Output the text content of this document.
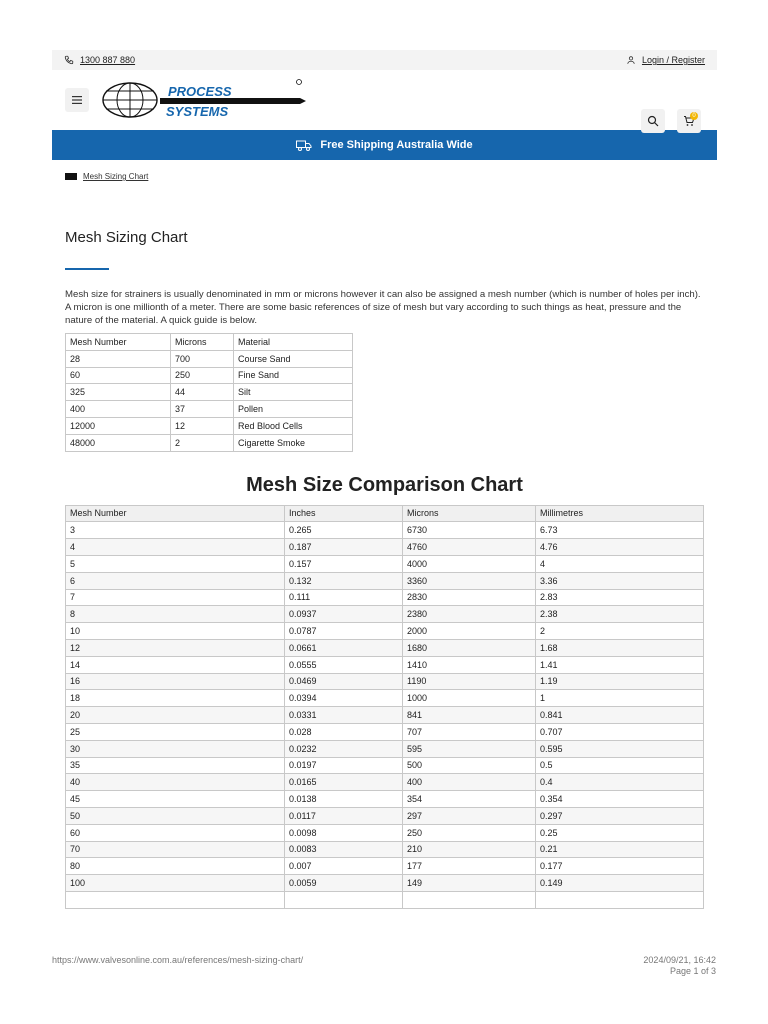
1300 887 880	Login / Register
PROCESS
SYSTEMS	0
Free Shipping Australia Wide
Mesh Sizing Chart
Mesh Sizing Chart

Mesh size for strainers is usually denominated in mm or microns however it can also be assigned a mesh number (which is number of holes per inch). A micron is one millionth of a meter. There are some basic references of size of mesh but vary according to such things as heat, pressure and the nature of the material. A quick guide is below.

Mesh Number	Microns	Material
28	700	Course Sand
60	250	Fine Sand
325	44	Silt
400	37	Pollen
12000	12	Red Blood Cells
48000	2	Cigarette Smoke
Mesh Size Comparison Chart
Mesh Number	Inches	Microns	Millimetres
3	0.265	6730	6.73
4	0.187	4760	4.76
5	0.157	4000	4
6	0.132	3360	3.36
7	0.111	2830	2.83
8	0.0937	2380	2.38
10	0.0787	2000	2
12	0.0661	1680	1.68
14	0.0555	1410	1.41
16	0.0469	1190	1.19
18	0.0394	1000	1
20	0.0331	841	0.841
25	0.028	707	0.707
30	0.0232	595	0.595
35	0.0197	500	0.5
40	0.0165	400	0.4
45	0.0138	354	0.354
50	0.0117	297	0.297
60	0.0098	250	0.25
70	0.0083	210	0.21
80	0.007	177	0.177
100	0.0059	149	0.149

https://www.valvesonline.com.au/references/mesh-sizing-chart/	2024/09/21, 16:42
Page 1 of 3
